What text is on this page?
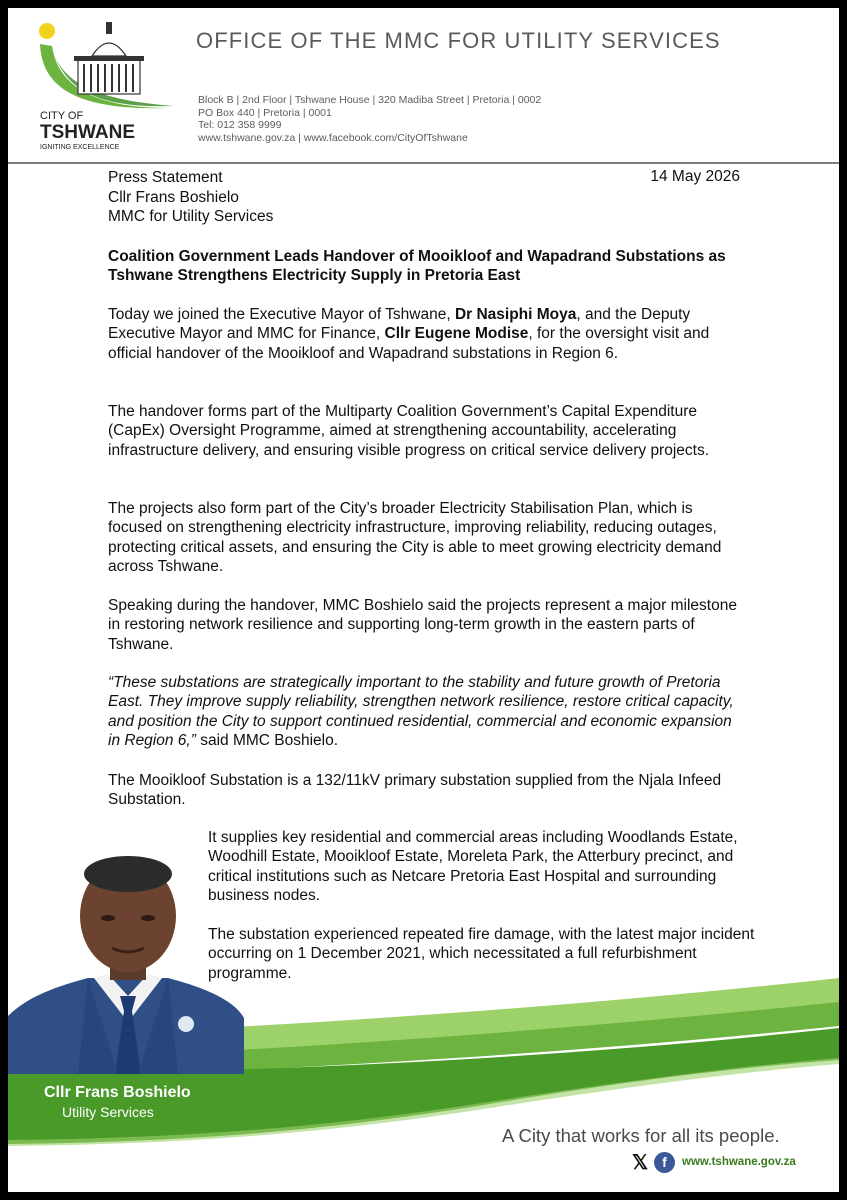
CITY OF
TSHWANE
IGNITING EXCELLENCE
OFFICE OF THE MMC FOR UTILITY SERVICES
Block B | 2nd Floor | Tshwane House | 320 Madiba Street | Pretoria | 0002
PO Box 440 | Pretoria | 0001
Tel: 012 358 9999
www.tshwane.gov.za | www.facebook.com/CityOfTshwane
Press Statement
Cllr Frans Boshielo
MMC for Utility Services
14 May 2026
Coalition Government Leads Handover of Mooikloof and Wapadrand Substations as Tshwane Strengthens Electricity Supply in Pretoria East

Today we joined the Executive Mayor of Tshwane, Dr Nasiphi Moya, and the Deputy Executive Mayor and MMC for Finance, Cllr Eugene Modise, for the oversight visit and official handover of the Mooikloof and Wapadrand substations in Region 6.

The handover forms part of the Multiparty Coalition Government’s Capital Expenditure (CapEx) Oversight Programme, aimed at strengthening accountability, accelerating infrastructure delivery, and ensuring visible progress on critical service delivery projects.

The projects also form part of the City’s broader Electricity Stabilisation Plan, which is focused on strengthening electricity infrastructure, improving reliability, reducing outages, protecting critical assets, and ensuring the City is able to meet growing electricity demand across Tshwane.

Speaking during the handover, MMC Boshielo said the projects represent a major milestone in restoring network resilience and supporting long-term growth in the eastern parts of Tshwane.

“These substations are strategically important to the stability and future growth of Pretoria East. They improve supply reliability, strengthen network resilience, restore critical capacity, and position the City to support continued residential, commercial and economic expansion in Region 6,” said MMC Boshielo.

The Mooikloof Substation is a 132/11kV primary substation supplied from the Njala Infeed Substation.

Cllr Frans Boshielo
Utility Services
A City that works for all its people.
𝕏	f	www.tshwane.gov.za

It supplies key residential and commercial areas including Woodlands Estate, Woodhill Estate, Mooikloof Estate, Moreleta Park, the Atterbury precinct, and critical institutions such as Netcare Pretoria East Hospital and surrounding business nodes.

The substation experienced repeated fire damage, with the latest major incident occurring on 1 December 2021, which necessitated a full refurbishment programme.
